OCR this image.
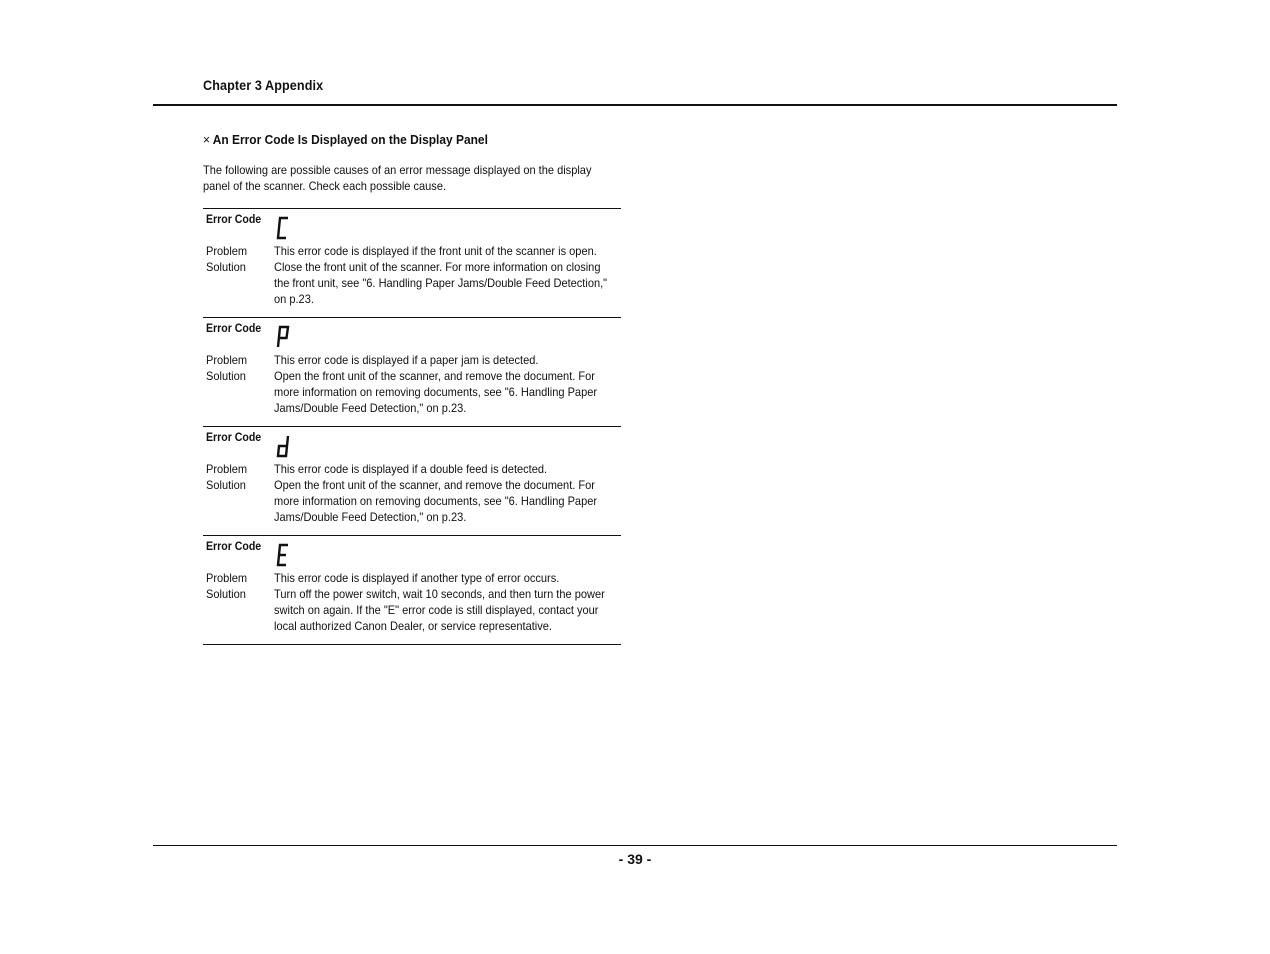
Chapter 3 Appendix
× An Error Code Is Displayed on the Display Panel

The following are possible causes of an error message displayed on the display panel of the scanner. Check each possible cause.

Error Code
Problem
Solution

This error code is displayed if the front unit of the scanner is open.

Close the front unit of the scanner. For more information on closing the front unit, see "6. Handling Paper Jams/Double Feed Detection," on p.23.

Error Code
Problem
Solution

This error code is displayed if a paper jam is detected.

Open the front unit of the scanner, and remove the document. For more information on removing documents, see "6. Handling Paper Jams/Double Feed Detection," on p.23.

Error Code
Problem
Solution

This error code is displayed if a double feed is detected.

Open the front unit of the scanner, and remove the document. For more information on removing documents, see "6. Handling Paper Jams/Double Feed Detection," on p.23.

Error Code
Problem
Solution

This error code is displayed if another type of error occurs.

Turn off the power switch, wait 10 seconds, and then turn the power switch on again. If the "E" error code is still displayed, contact your local authorized Canon Dealer, or service representative.

- 39 -
